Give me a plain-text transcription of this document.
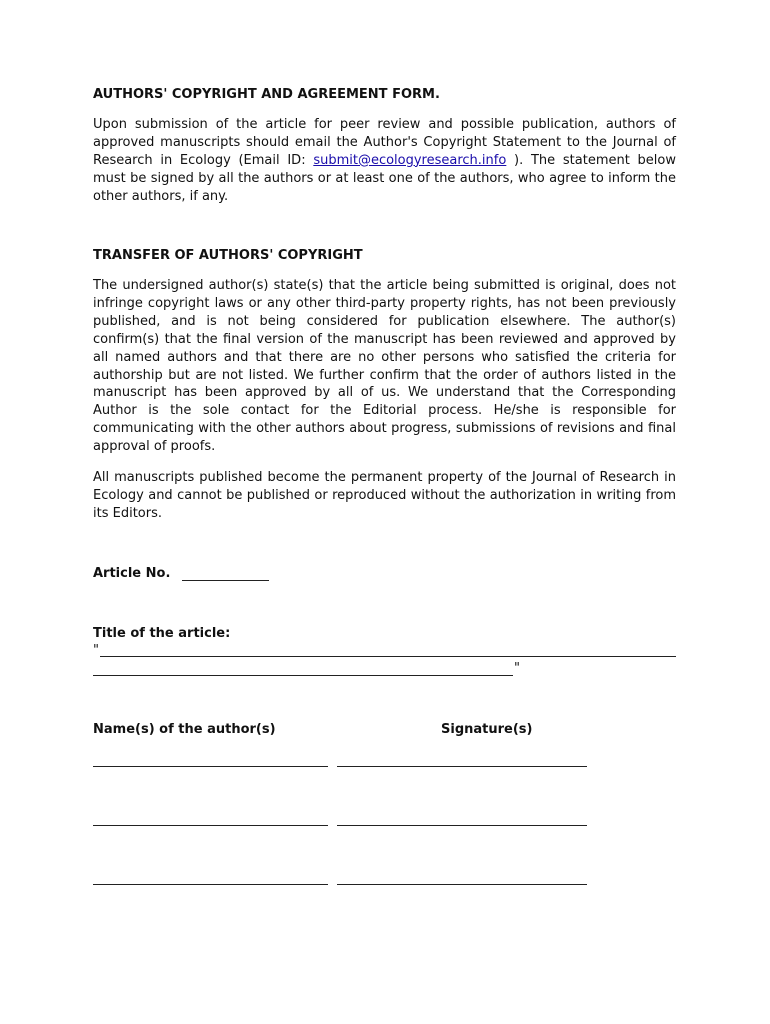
AUTHORS' COPYRIGHT AND AGREEMENT FORM.

Upon submission of the article for peer review and possible publication, authors of approved manuscripts should email the Author's Copyright Statement to the Journal of Research in Ecology (Email ID: submit@ecologyresearch.info ). The statement below must be signed by all the authors or at least one of the authors, who agree to inform the other authors, if any.

TRANSFER OF AUTHORS' COPYRIGHT

The undersigned author(s) state(s) that the article being submitted is original, does not infringe copyright laws or any other third-party property rights, has not been previously published, and is not being considered for publication elsewhere. The author(s) confirm(s) that the final version of the manuscript has been reviewed and approved by all named authors and that there are no other persons who satisfied the criteria for authorship but are not listed. We further confirm that the order of authors listed in the manuscript has been approved by all of us. We understand that the Corresponding Author is the sole contact for the Editorial process. He/she is responsible for communicating with the other authors about progress, submissions of revisions and final approval of proofs.

All manuscripts published become the permanent property of the Journal of Research in Ecology and cannot be published or reproduced without the authorization in writing from its Editors.

Article No.
Title of the article:
"
"
Name(s) of the author(s)	Signature(s)
